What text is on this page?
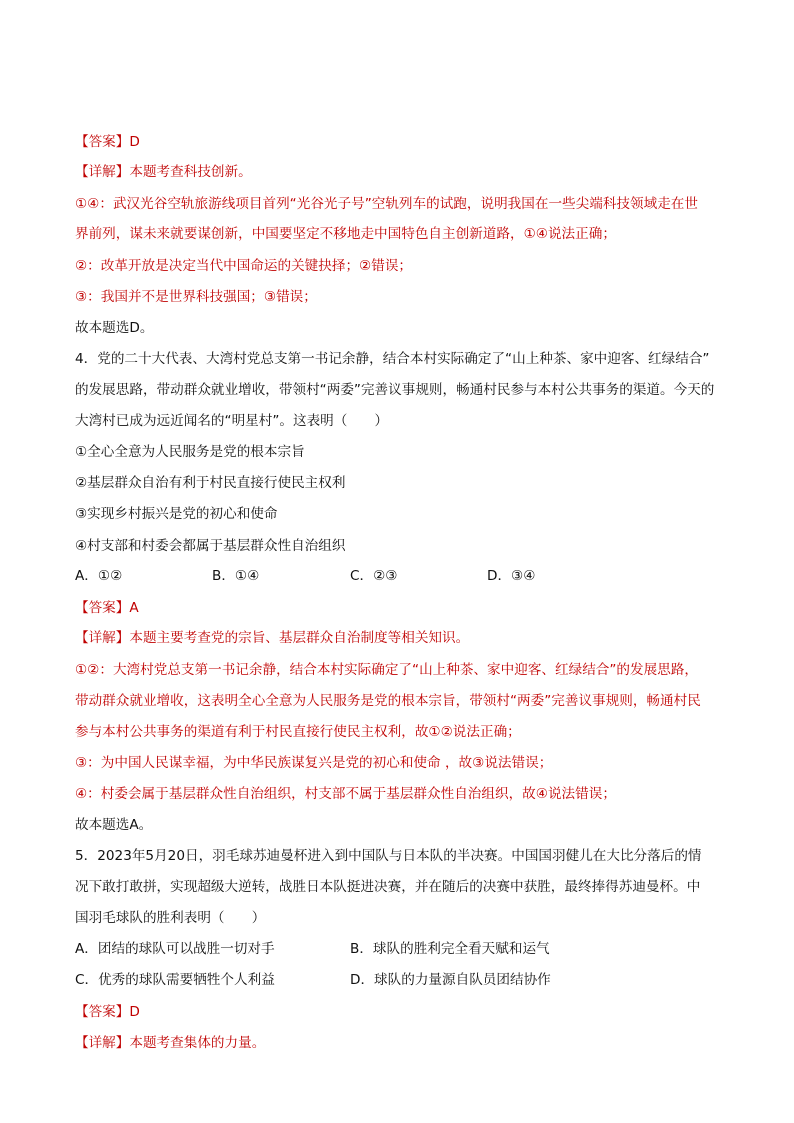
【答案】D
【详解】本题考查科技创新。
①④：武汉光谷空轨旅游线项目首列“光谷光子号”空轨列车的试跑，说明我国在一些尖端科技领域走在世
界前列，谋未来就要谋创新，中国要坚定不移地走中国特色自主创新道路，①④说法正确；
②：改革开放是决定当代中国命运的关键抉择；②错误；
③：我国并不是世界科技强国；③错误；
故本题选D。
4．党的二十大代表、大湾村党总支第一书记余静，结合本村实际确定了“山上种茶、家中迎客、红绿结合”
的发展思路，带动群众就业增收，带领村“两委”完善议事规则，畅通村民参与本村公共事务的渠道。今天的
大湾村已成为远近闻名的“明星村”。这表明（　　）
①全心全意为人民服务是党的根本宗旨
②基层群众自治有利于村民直接行使民主权利
③实现乡村振兴是党的初心和使命
④村支部和村委会都属于基层群众性自治组织
A．①②	B．①④	C．②③	D．③④
【答案】A
【详解】本题主要考查党的宗旨、基层群众自治制度等相关知识。
①②：大湾村党总支第一书记余静，结合本村实际确定了“山上种茶、家中迎客、红绿结合”的发展思路，
带动群众就业增收，这表明全心全意为人民服务是党的根本宗旨，带领村“两委”完善议事规则，畅通村民
参与本村公共事务的渠道有利于村民直接行使民主权利，故①②说法正确；
③：为中国人民谋幸福，为中华民族谋复兴是党的初心和使命 ，故③说法错误；
④：村委会属于基层群众性自治组织，村支部不属于基层群众性自治组织，故④说法错误；
故本题选A。
5．2023年5月20日，羽毛球苏迪曼杯进入到中国队与日本队的半决赛。中国国羽健儿在大比分落后的情
况下敢打敢拼，实现超级大逆转，战胜日本队挺进决赛，并在随后的决赛中获胜，最终捧得苏迪曼杯。中
国羽毛球队的胜利表明（　　）
A．团结的球队可以战胜一切对手	B．球队的胜利完全看天赋和运气
C．优秀的球队需要牺牲个人利益	D．球队的力量源自队员团结协作
【答案】D
【详解】本题考查集体的力量。
